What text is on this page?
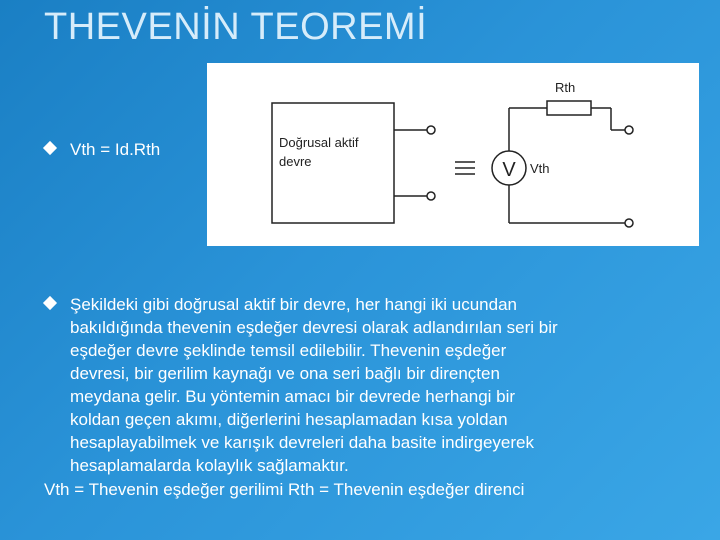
THEVENİN TEOREMİ
Vth = Id.Rth	Doğrusal aktif
devre
Rth
V Vth
Şekildeki gibi doğrusal aktif bir devre, her hangi iki ucundan
bakıldığında thevenin eşdeğer devresi olarak adlandırılan seri bir
eşdeğer devre şeklinde temsil edilebilir. Thevenin eşdeğer
devresi, bir gerilim kaynağı ve ona seri bağlı bir dirençten
meydana gelir. Bu yöntemin amacı bir devrede herhangi bir
koldan geçen akımı, diğerlerini hesaplamadan kısa yoldan
hesaplayabilmek ve karışık devreleri daha basite indirgeyerek
hesaplamalarda kolaylık sağlamaktır.
Vth = Thevenin eşdeğer gerilimi Rth = Thevenin eşdeğer direnci
